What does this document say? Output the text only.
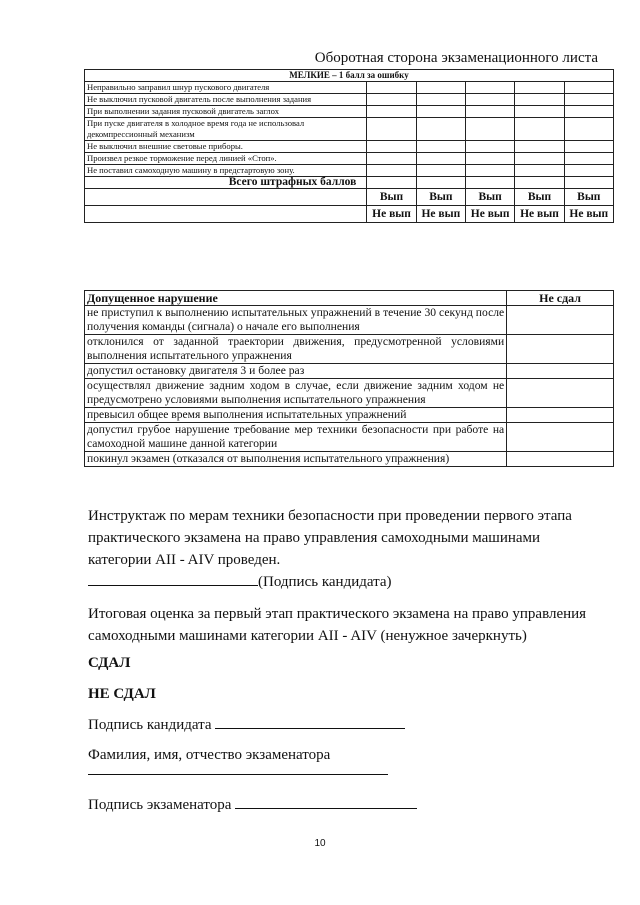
Оборотная сторона экзаменационного листа
МЕЛКИЕ – 1 балл за ошибку					
Неправильно заправил шнур пускового двигателя					
Не выключил пусковой двигатель после выполнения задания					
При выполнении задания пусковой двигатель заглох					
При пуске двигателя в холодное время года не использовал декомпрессионный механизм					
Не выключил внешние световые приборы.					
Произвел резкое торможение перед линией «Стоп».					
Не поставил самоходную машину в предстартовую зону.					
Всего штрафных баллов					
	Вып	Вып	Вып	Вып	Вып
	Не вып	Не вып	Не вып	Не вып	Не вып
Допущенное нарушение	Не сдал
не приступил к выполнению испытательных упражнений в течение 30 секунд после получения команды (сигнала) о начале его выполнения	
отклонился от заданной траектории движения, предусмотренной условиями выполнения испытательного упражнения	
допустил остановку двигателя 3 и более раз	
осуществлял движение задним ходом в случае, если движение задним ходом не предусмотрено условиями выполнения испытательного упражнения	
превысил общее время выполнения испытательных упражнений	
допустил грубое нарушение требование мер техники безопасности при работе на самоходной машине данной категории	
покинул экзамен (отказался от выполнения испытательного упражнения)	
Инструктаж по мерам техники безопасности при проведении первого этапа практического экзамена на право управления самоходными машинами категории AII - AIV проведен.
(Подпись кандидата)
Итоговая оценка за первый этап практического экзамена на право управления самоходными машинами категории AII - AIV (ненужное зачеркнуть)
СДАЛ
НЕ СДАЛ
Подпись кандидата
Фамилия, имя, отчество экзаменатора
Подпись экзаменатора
10
